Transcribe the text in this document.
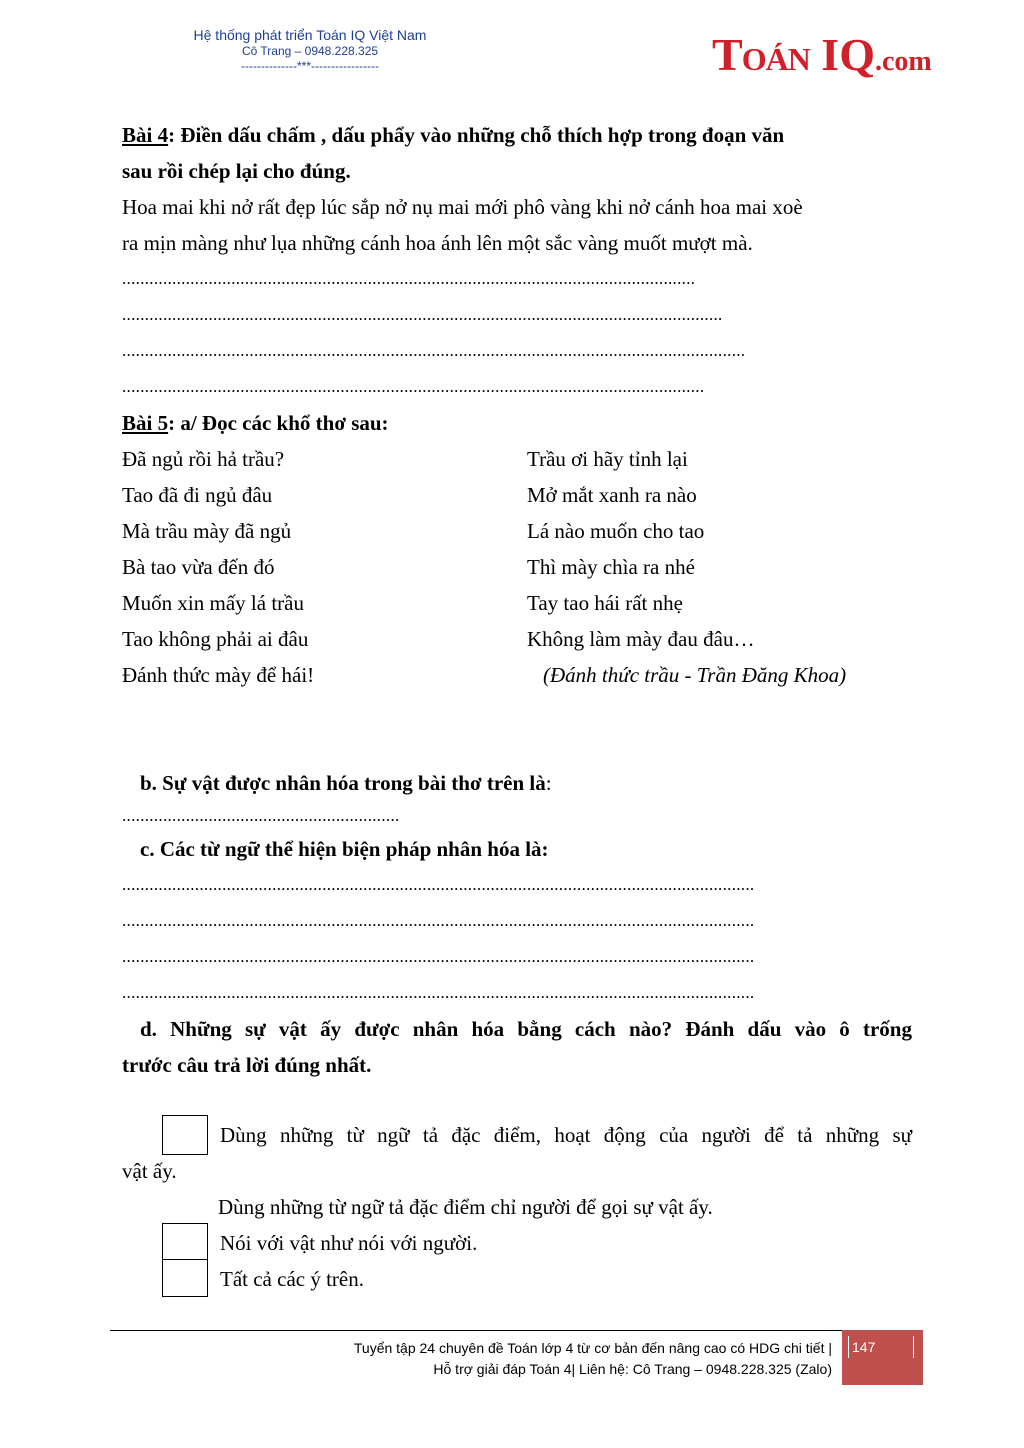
Hệ thống phát triển Toán IQ Việt Nam
Cô Trang – 0948.228.325
--------------***-----------------	TOÁN IQ.com
Bài 4: Điền dấu chấm , dấu phẩy vào những chỗ thích hợp trong đoạn văn
sau rồi chép lại cho đúng.
Hoa mai khi nở rất đẹp lúc sắp nở nụ mai mới phô vàng khi nở cánh hoa mai xoè
ra mịn màng như lụa những cánh hoa ánh lên một sắc vàng muốt mượt mà.
..............................................................................................................................
....................................................................................................................................
.........................................................................................................................................
................................................................................................................................
Bài 5: a/ Đọc các khổ thơ sau:
Đã ngủ rồi hả trầu?
Tao đã đi ngủ đâu
Mà trầu mày đã ngủ
Bà tao vừa đến đó
Muốn xin mấy lá trầu
Tao không phải ai đâu
Đánh thức mày để hái!
Trầu ơi hãy tỉnh lại
Mở mắt xanh ra nào
Lá nào muốn cho tao
Thì mày chìa ra nhé
Tay tao hái rất nhẹ
Không làm mày đau đâu…
(Đánh thức trầu - Trần Đăng Khoa)
b. Sự vật được nhân hóa trong bài thơ trên là:
.............................................................
c. Các từ ngữ thể hiện biện pháp nhân hóa là:
...........................................................................................................................................
...........................................................................................................................................
...........................................................................................................................................
...........................................................................................................................................
d. Những sự vật ấy được nhân hóa bằng cách nào? Đánh dấu vào ô trống
trước câu trả lời đúng nhất.
Dùng những từ ngữ tả đặc điểm, hoạt động của người để tả những sự
vật ấy.
Dùng những từ ngữ tả đặc điểm chỉ người để gọi sự vật ấy.
Nói với vật như nói với người.
Tất cả các ý trên.
Tuyển tập 24 chuyên đề Toán lớp 4 từ cơ bản đến nâng cao có HDG chi tiết |
Hỗ trợ giải đáp Toán 4| Liên hệ: Cô Trang – 0948.228.325 (Zalo)
147
